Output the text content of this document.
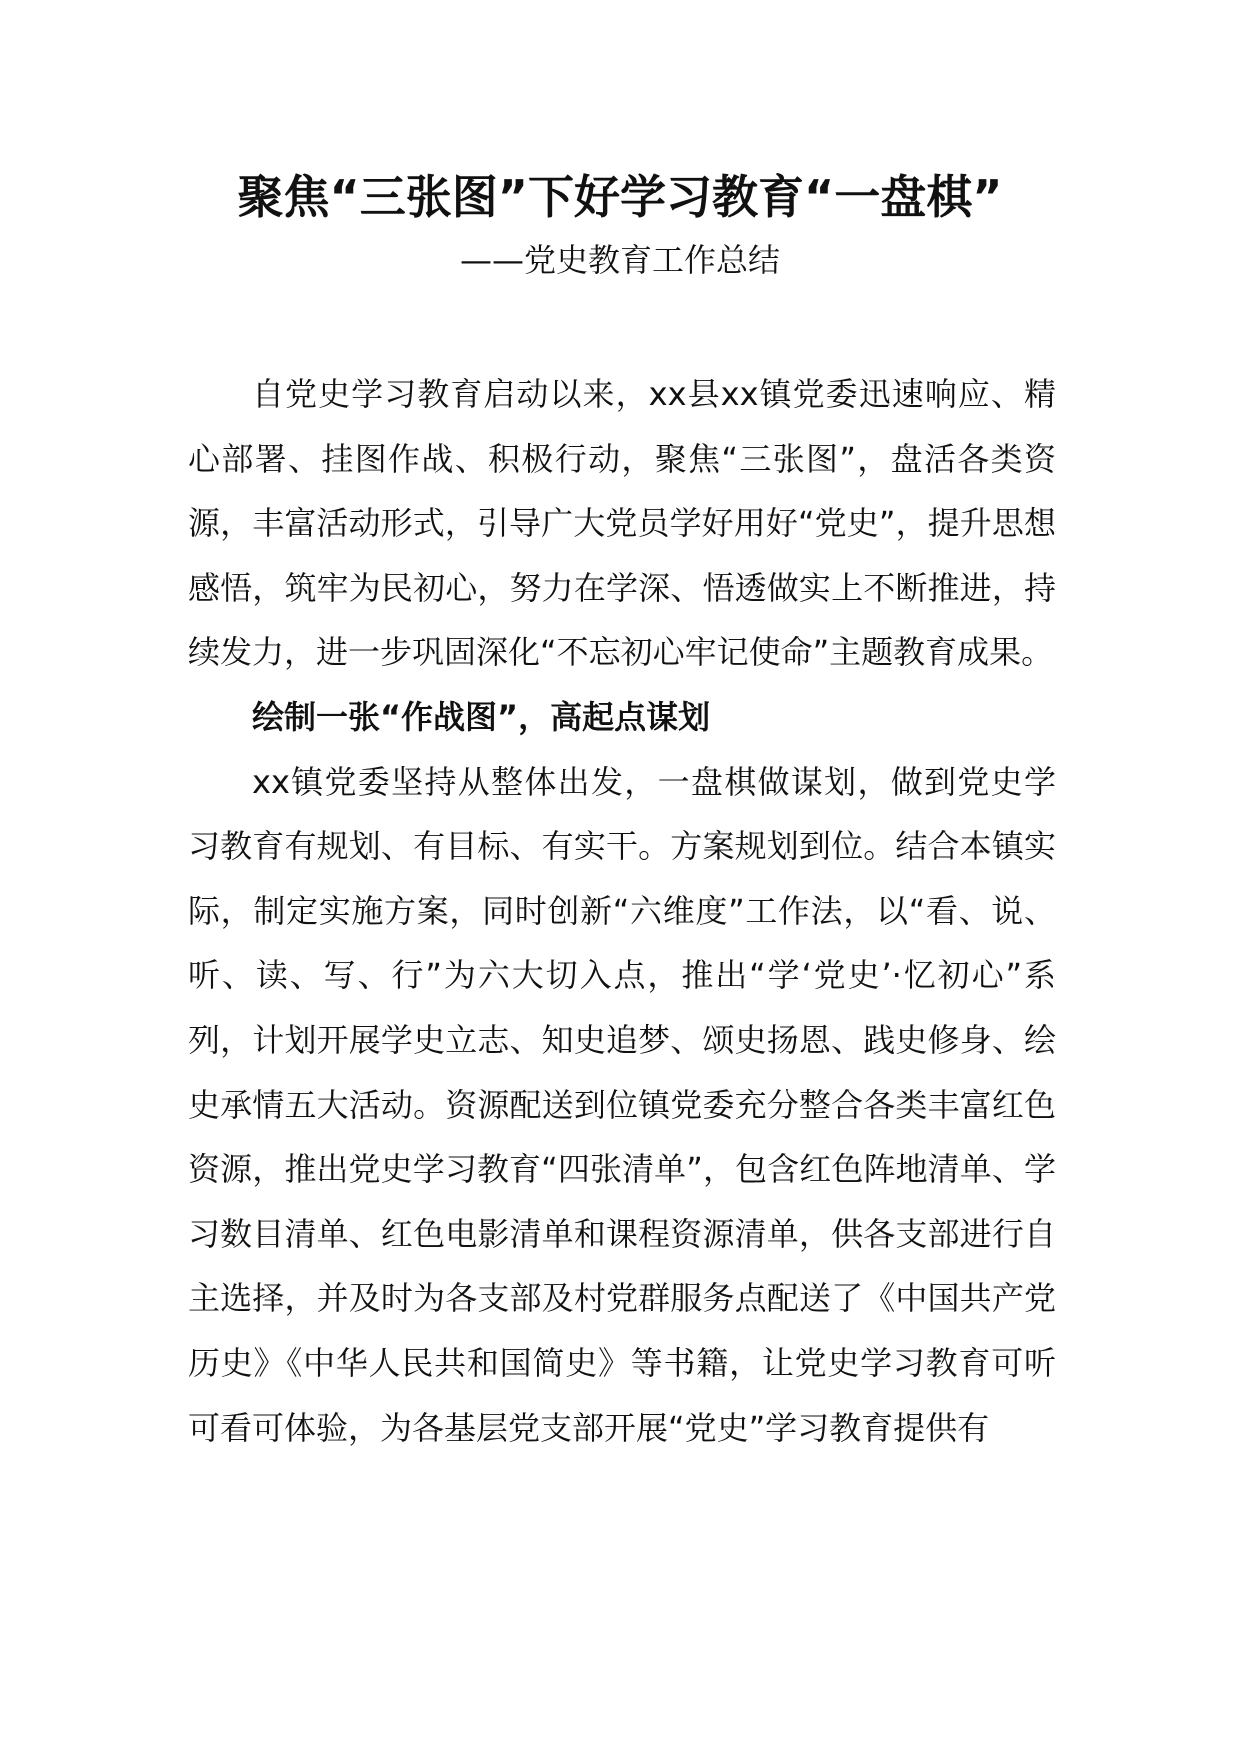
聚焦“三张图”下好学习教育“一盘棋”
——党史教育工作总结

自党史学习教育启动以来，xx县xx镇党委迅速响应、精心部署、挂图作战、积极行动，聚焦“三张图”，盘活各类资源，丰富活动形式，引导广大党员学好用好“党史”，提升思想感悟，筑牢为民初心，努力在学深、悟透做实上不断推进，持续发力，进一步巩固深化“不忘初心牢记使命”主题教育成果。

绘制一张“作战图”，高起点谋划

xx镇党委坚持从整体出发，一盘棋做谋划，做到党史学习教育有规划、有目标、有实干。方案规划到位。结合本镇实际，制定实施方案，同时创新“六维度”工作法，以“看、说、听、读、写、行”为六大切入点，推出“学‘党史’·忆初心”系列，计划开展学史立志、知史追梦、颂史扬恩、践史修身、绘史承情五大活动。资源配送到位镇党委充分整合各类丰富红色资源，推出党史学习教育“四张清单”，包含红色阵地清单、学习数目清单、红色电影清单和课程资源清单，供各支部进行自主选择，并及时为各支部及村党群服务点配送了《中国共产党历史》《中华人民共和国简史》等书籍，让党史学习教育可听可看可体验，为各基层党支部开展“党史”学习教育提供有
